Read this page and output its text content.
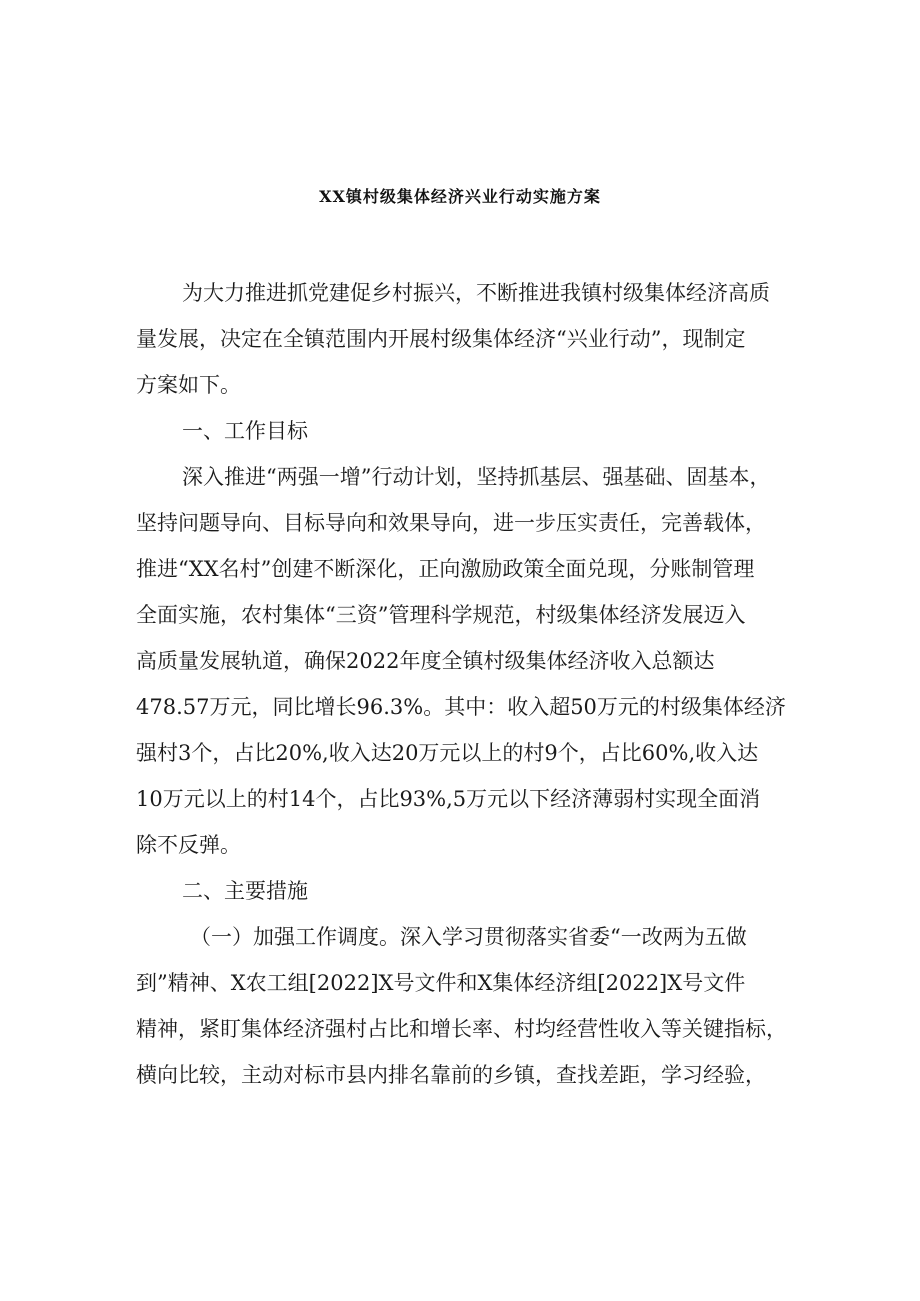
XX镇村级集体经济兴业行动实施方案

为大力推进抓党建促乡村振兴，不断推进我镇村级集体经济高质

量发展，决定在全镇范围内开展村级集体经济“兴业行动”，现制定

方案如下。

一、工作目标

深入推进“两强一增”行动计划，坚持抓基层、强基础、固基本，

坚持问题导向、目标导向和效果导向，进一步压实责任，完善载体，

推进“XX名村”创建不断深化，正向激励政策全面兑现，分账制管理

全面实施，农村集体“三资”管理科学规范，村级集体经济发展迈入

高质量发展轨道，确保2022年度全镇村级集体经济收入总额达

478.57万元，同比增长96.3%。其中：收入超50万元的村级集体经济

强村3个，占比20%,收入达20万元以上的村9个，占比60%,收入达

10万元以上的村14个，占比93%,5万元以下经济薄弱村实现全面消

除不反弹。

二、主要措施

（一）加强工作调度。深入学习贯彻落实省委“一改两为五做

到”精神、X农工组[2022]X号文件和X集体经济组[2022]X号文件

精神，紧盯集体经济强村占比和增长率、村均经营性收入等关键指标，

横向比较，主动对标市县内排名靠前的乡镇，查找差距，学习经验，
